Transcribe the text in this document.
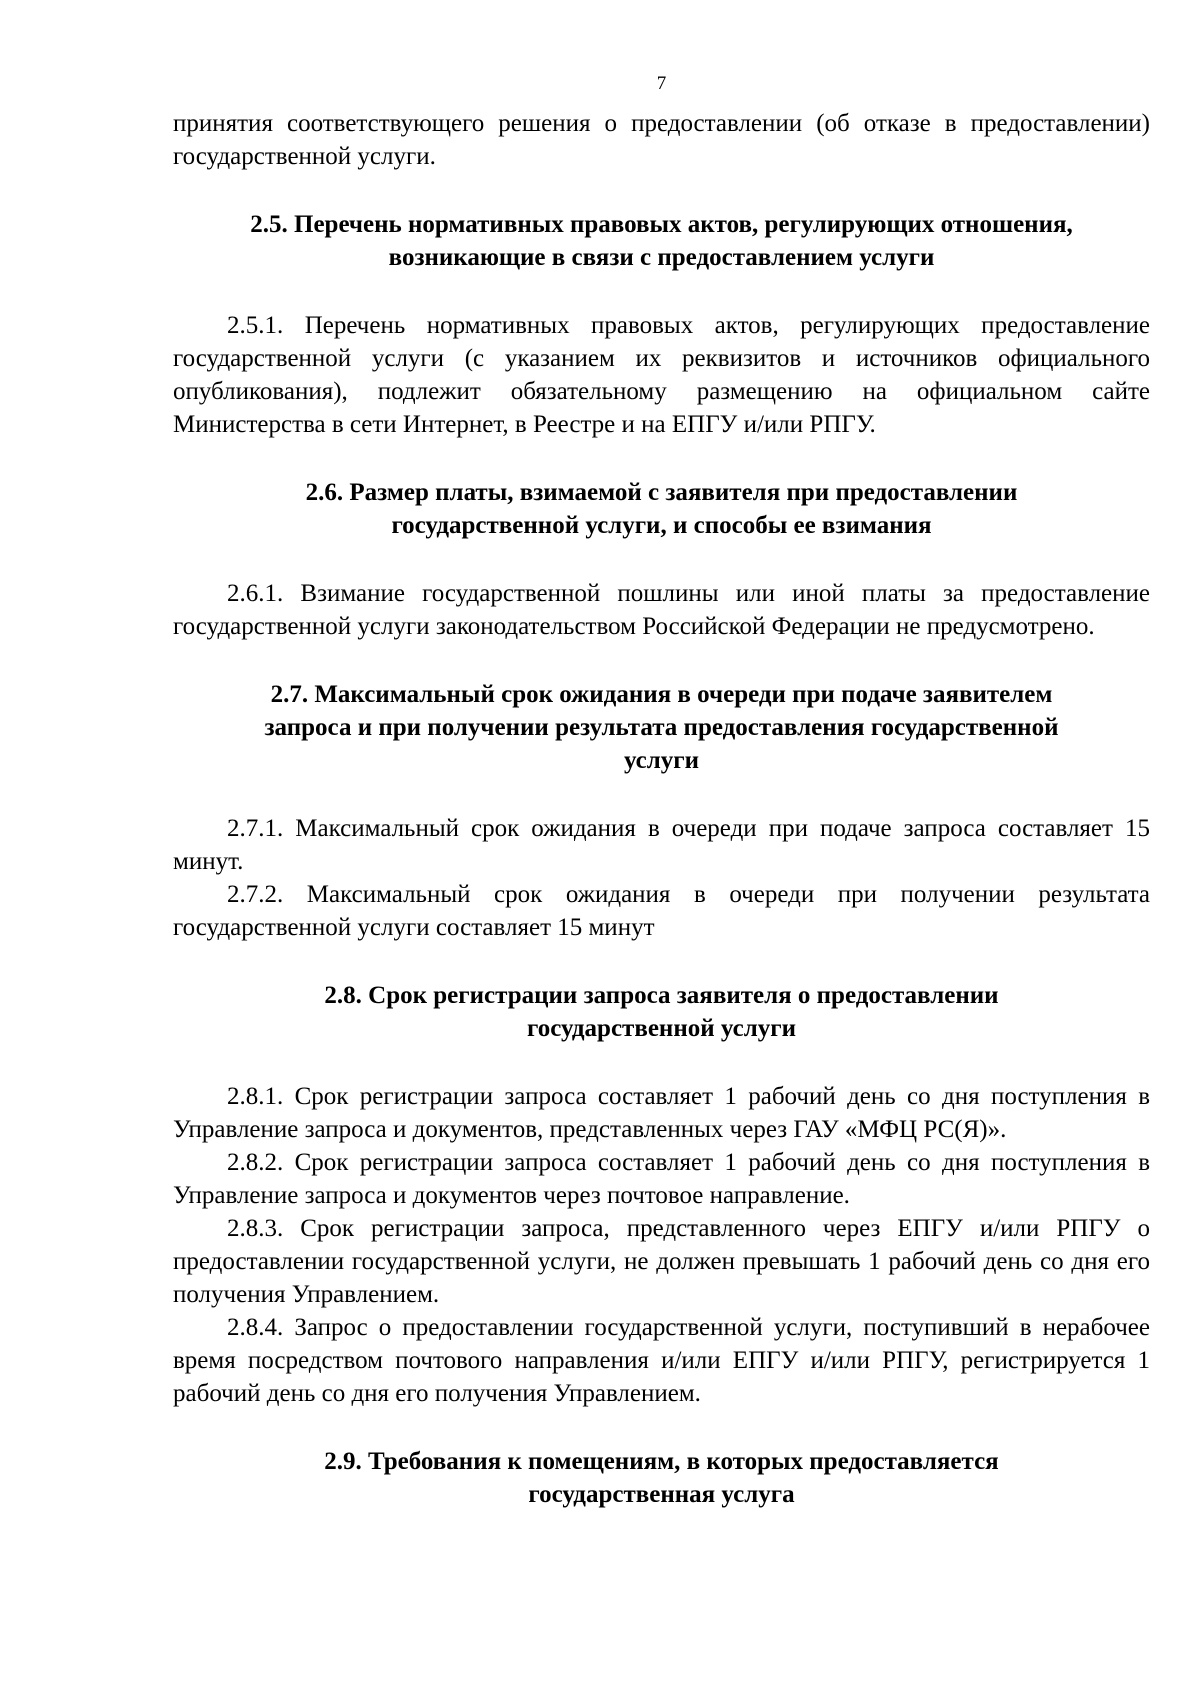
7

принятия соответствующего решения о предоставлении (об отказе в предоставлении) государственной услуги.

2.5. Перечень нормативных правовых актов, регулирующих отношения,
возникающие в связи с предоставлением услуги

2.5.1. Перечень нормативных правовых актов, регулирующих предоставление государственной услуги (с указанием их реквизитов и источников официального опубликования), подлежит обязательному размещению на официальном сайте Министерства в сети Интернет, в Реестре и на ЕПГУ и/или РПГУ.

2.6. Размер платы, взимаемой с заявителя при предоставлении
государственной услуги, и способы ее взимания

2.6.1. Взимание государственной пошлины или иной платы за предоставление государственной услуги законодательством Российской Федерации не предусмотрено.

2.7. Максимальный срок ожидания в очереди при подаче заявителем
запроса и при получении результата предоставления государственной
услуги

2.7.1. Максимальный срок ожидания в очереди при подаче запроса составляет 15 минут.

2.7.2. Максимальный срок ожидания в очереди при получении результата государственной услуги составляет 15 минут

2.8. Срок регистрации запроса заявителя о предоставлении
государственной услуги

2.8.1. Срок регистрации запроса составляет 1 рабочий день со дня поступления в Управление запроса и документов, представленных через ГАУ «МФЦ РС(Я)».

2.8.2. Срок регистрации запроса составляет 1 рабочий день со дня поступления в Управление запроса и документов через почтовое направление.

2.8.3. Срок регистрации запроса, представленного через ЕПГУ и/или РПГУ о предоставлении государственной услуги, не должен превышать 1 рабочий день со дня его получения Управлением.

2.8.4. Запрос о предоставлении государственной услуги, поступивший в нерабочее время посредством почтового направления и/или ЕПГУ и/или РПГУ, регистрируется 1 рабочий день со дня его получения Управлением.

2.9. Требования к помещениям, в которых предоставляется
государственная услуга
